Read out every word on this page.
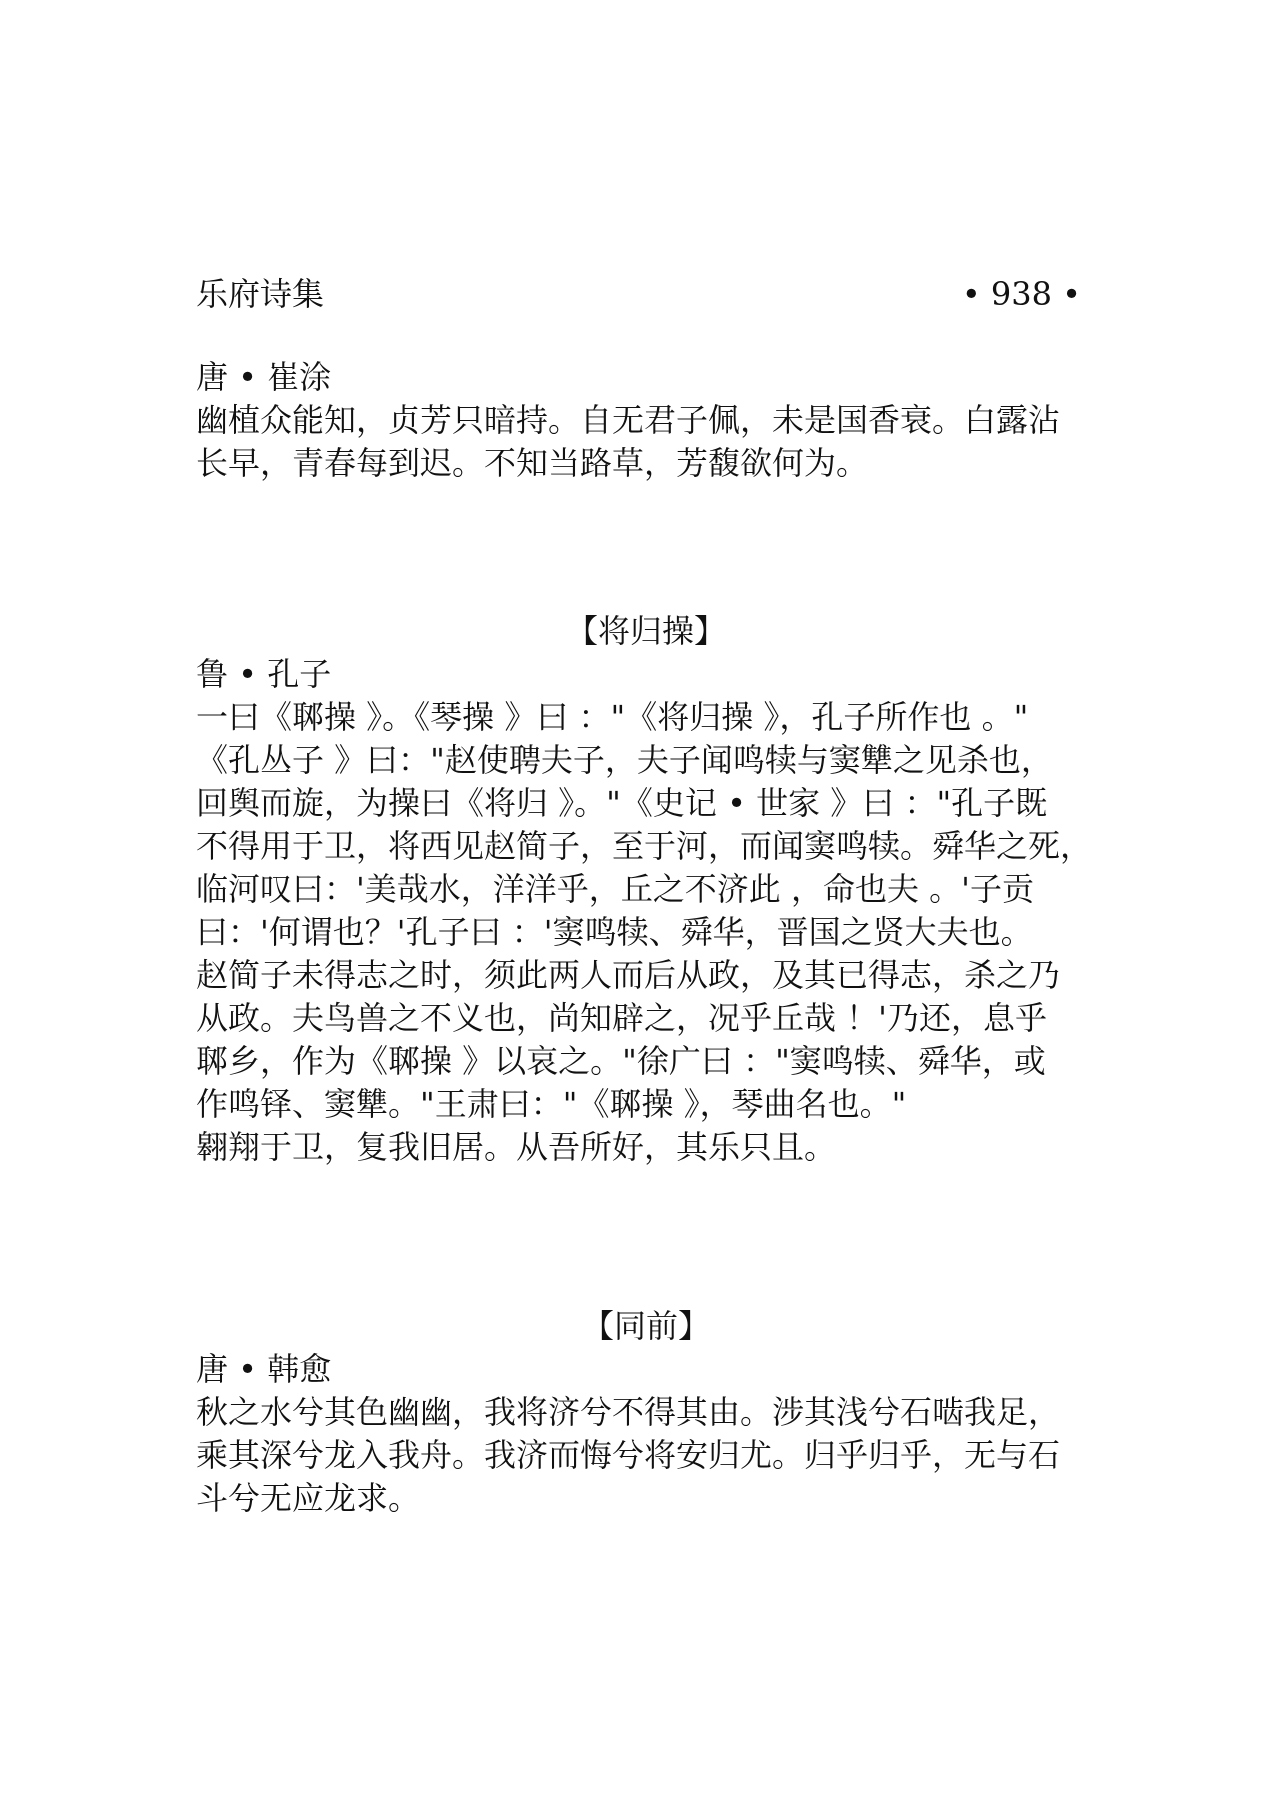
乐府诗集	• 938 •
唐 • 崔涂
幽植众能知，贞芳只暗持。自无君子佩，未是国香衰。白露沾
长早，青春每到迟。不知当路草，芳馥欲何为。
【将归操】
鲁 • 孔子
一曰《郰操 》。《琴操 》曰 ："《将归操 》，孔子所作也 。"
《孔丛子 》曰："赵使聘夫子，夫子闻鸣犊与窦犨之见杀也，
回舆而旋，为操曰《将归 》。"《史记 • 世家 》曰 ："孔子既
不得用于卫，将西见赵简子，至于河，而闻窦鸣犊。舜华之死，
临河叹曰：'美哉水，洋洋乎，丘之不济此 ，命也夫 。'子贡
曰：'何谓也？'孔子曰 ：'窦鸣犊、舜华，晋国之贤大夫也。
赵简子未得志之时，须此两人而后从政，及其已得志，杀之乃
从政。夫鸟兽之不义也，尚知辟之，况乎丘哉 ！'乃还，息乎
郰乡，作为《郰操 》以哀之。"徐广曰 ："窦鸣犊、舜华，或
作鸣铎、窦犨。"王肃曰："《郰操 》，琴曲名也。"
翱翔于卫，复我旧居。从吾所好，其乐只且。
【同前】
唐 • 韩愈
秋之水兮其色幽幽，我将济兮不得其由。涉其浅兮石啮我足，
乘其深兮龙入我舟。我济而悔兮将安归尤。归乎归乎，无与石
斗兮无应龙求。
